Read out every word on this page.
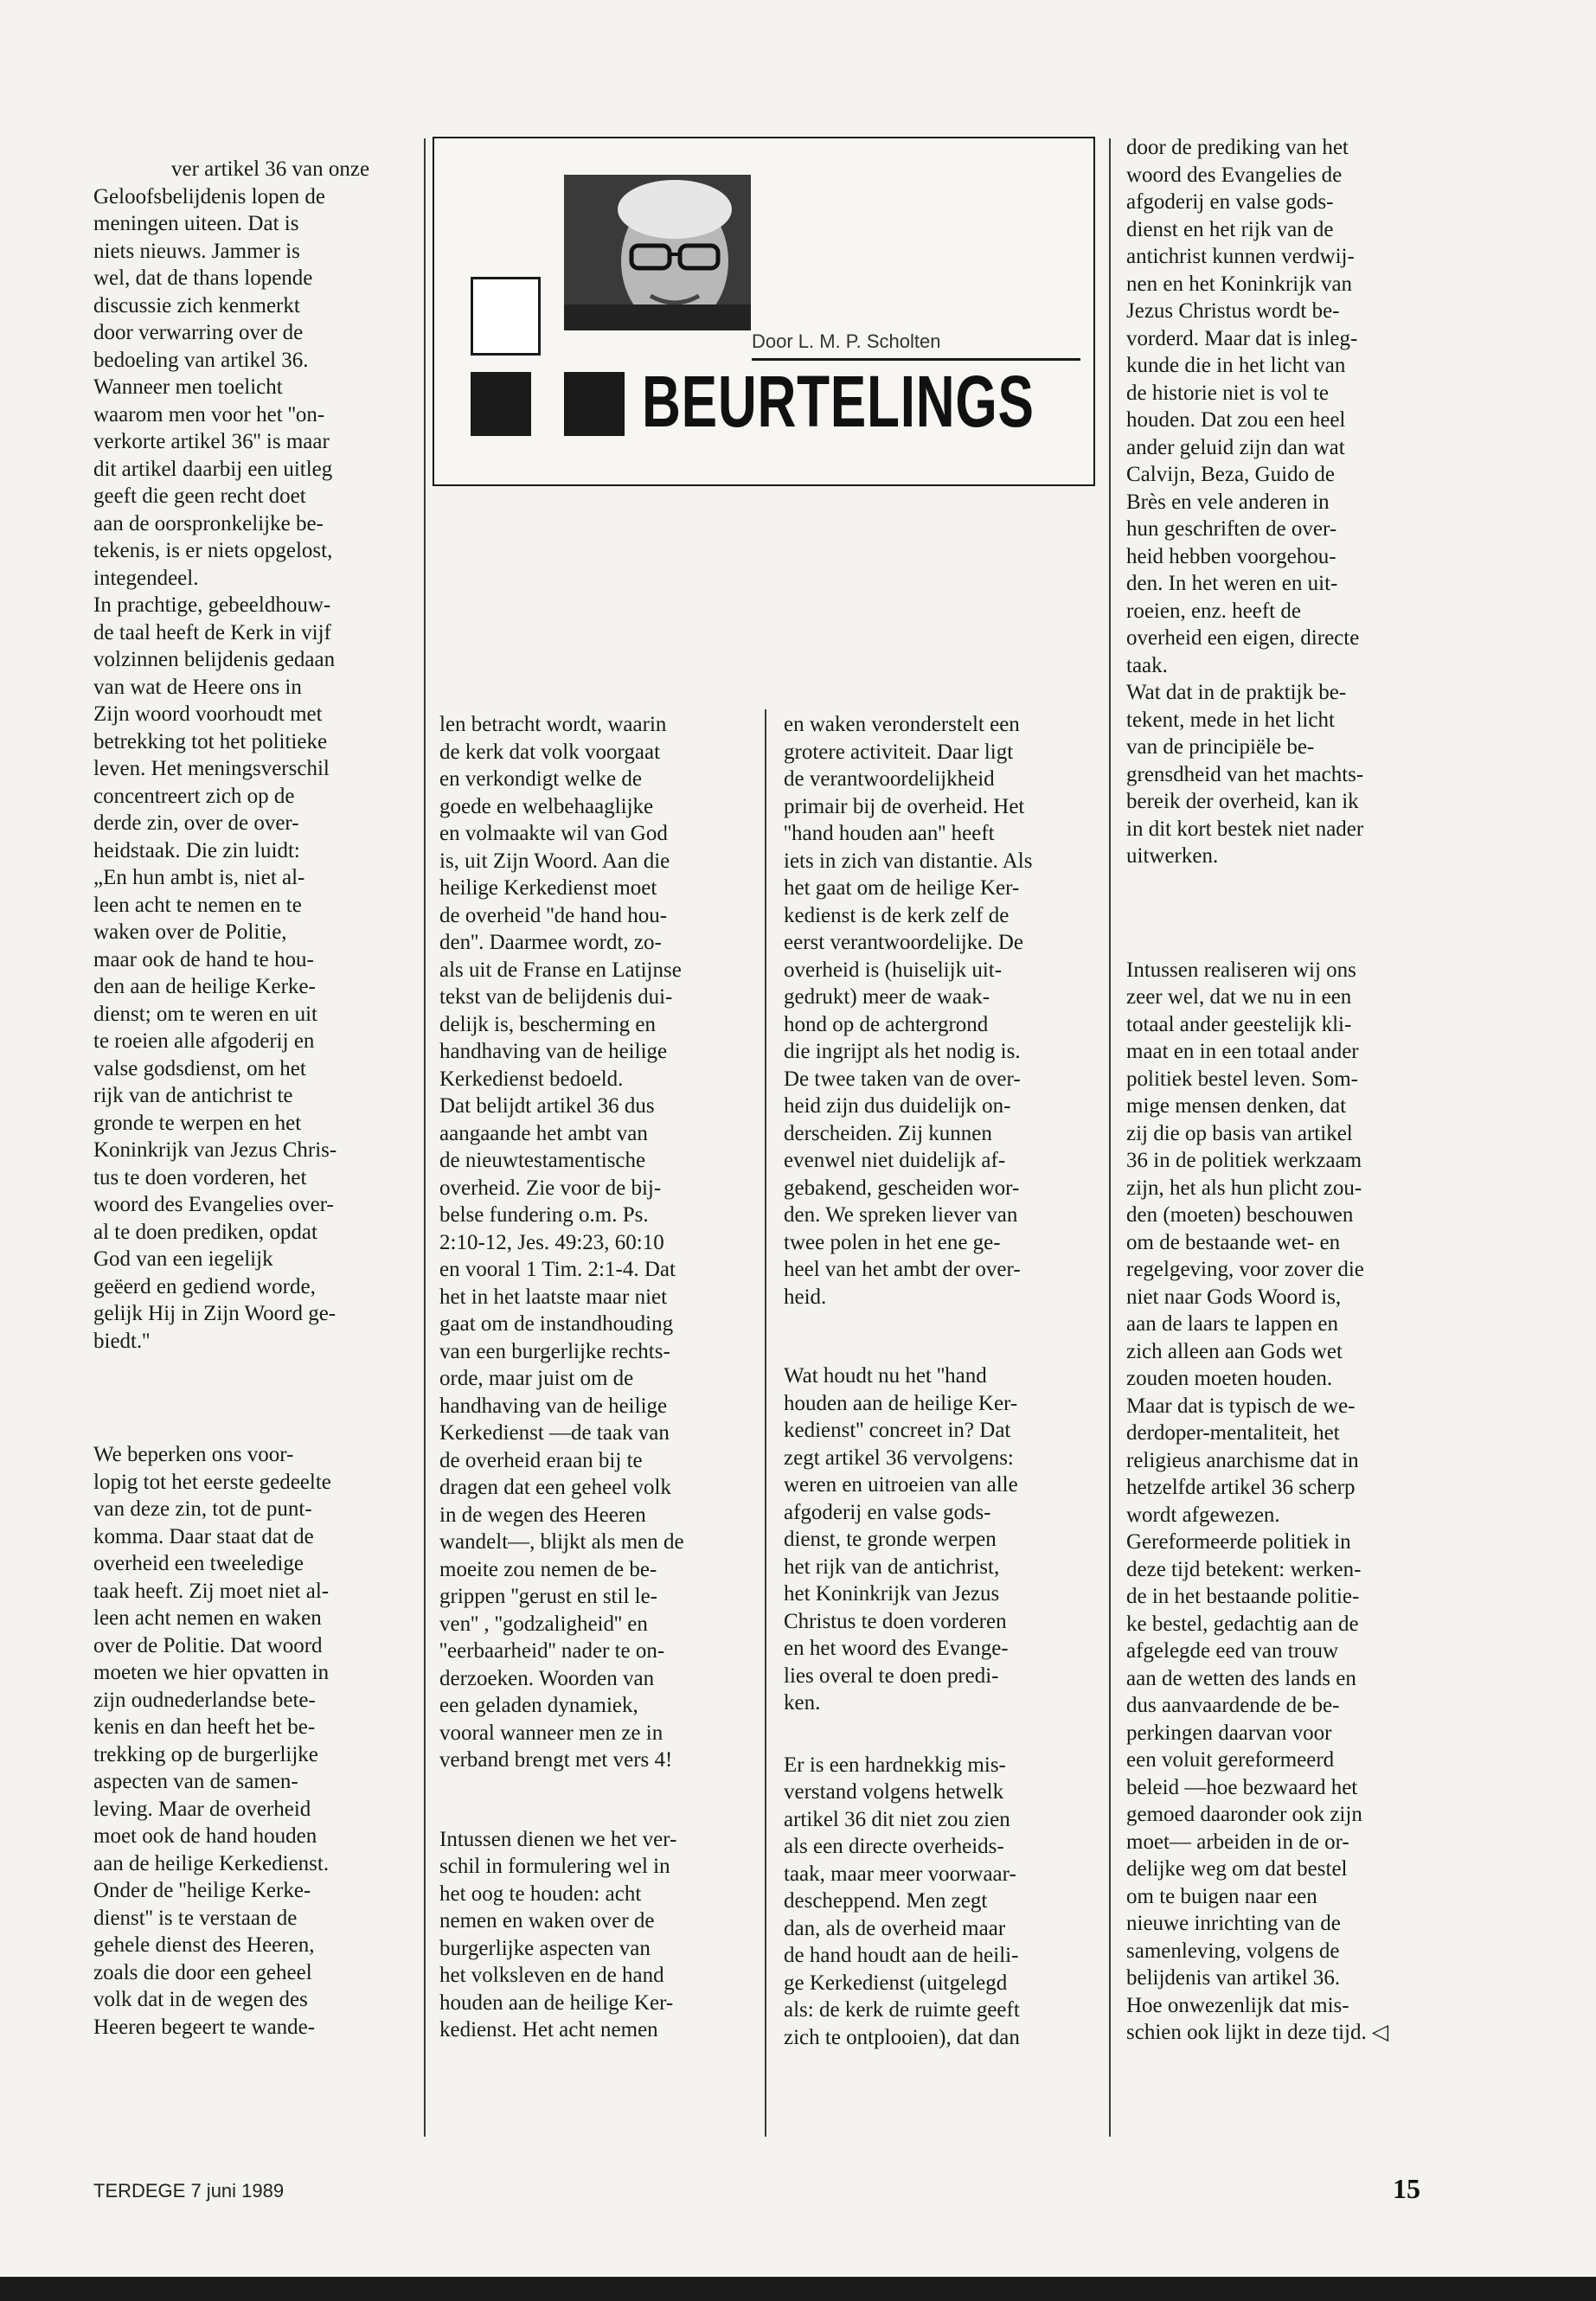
ver artikel 36 van onze
Geloofsbelijdenis lopen de
meningen uiteen. Dat is
niets nieuws. Jammer is
wel, dat de thans lopende
discussie zich kenmerkt
door verwarring over de
bedoeling van artikel 36.
Wanneer men toelicht
waarom men voor het ''on-
verkorte artikel 36'' is maar
dit artikel daarbij een uitleg
geeft die geen recht doet
aan de oorspronkelijke be-
tekenis, is er niets opgelost,
integendeel.
In prachtige, gebeeldhouw-
de taal heeft de Kerk in vijf
volzinnen belijdenis gedaan
van wat de Heere ons in
Zijn woord voorhoudt met
betrekking tot het politieke
leven. Het meningsverschil
concentreert zich op de
derde zin, over de over-
heidstaak. Die zin luidt:
„En hun ambt is, niet al-
leen acht te nemen en te
waken over de Politie,
maar ook de hand te hou-
den aan de heilige Kerke-
dienst; om te weren en uit
te roeien alle afgoderij en
valse godsdienst, om het
rijk van de antichrist te
gronde te werpen en het
Koninkrijk van Jezus Chris-
tus te doen vorderen, het
woord des Evangelies over-
al te doen prediken, opdat
God van een iegelijk
geëerd en gediend worde,
gelijk Hij in Zijn Woord ge-
biedt.''

We beperken ons voor-
lopig tot het eerste gedeelte
van deze zin, tot de punt-
komma. Daar staat dat de
overheid een tweeledige
taak heeft. Zij moet niet al-
leen acht nemen en waken
over de Politie. Dat woord
moeten we hier opvatten in
zijn oudnederlandse bete-
kenis en dan heeft het be-
trekking op de burgerlijke
aspecten van de samen-
leving. Maar de overheid
moet ook de hand houden
aan de heilige Kerkedienst.
Onder de ''heilige Kerke-
dienst'' is te verstaan de
gehele dienst des Heeren,
zoals die door een geheel
volk dat in de wegen des
Heeren begeert te wande-

Door L. M. P. Scholten
BEURTELINGS

len betracht wordt, waarin
de kerk dat volk voorgaat
en verkondigt welke de
goede en welbehaaglijke
en volmaakte wil van God
is, uit Zijn Woord. Aan die
heilige Kerkedienst moet
de overheid ''de hand hou-
den''. Daarmee wordt, zo-
als uit de Franse en Latijnse
tekst van de belijdenis dui-
delijk is, bescherming en
handhaving van de heilige
Kerkedienst bedoeld.
Dat belijdt artikel 36 dus
aangaande het ambt van
de nieuwtestamentische
overheid. Zie voor de bij-
belse fundering o.m. Ps.
2:10-12, Jes. 49:23, 60:10
en vooral 1 Tim. 2:1-4. Dat
het in het laatste maar niet
gaat om de instandhouding
van een burgerlijke rechts-
orde, maar juist om de
handhaving van de heilige
Kerkedienst —de taak van
de overheid eraan bij te
dragen dat een geheel volk
in de wegen des Heeren
wandelt—, blijkt als men de
moeite zou nemen de be-
grippen ''gerust en stil le-
ven'' , ''godzaligheid'' en
''eerbaarheid'' nader te on-
derzoeken. Woorden van
een geladen dynamiek,
vooral wanneer men ze in
verband brengt met vers 4!

Intussen dienen we het ver-
schil in formulering wel in
het oog te houden: acht
nemen en waken over de
burgerlijke aspecten van
het volksleven en de hand
houden aan de heilige Ker-
kedienst. Het acht nemen

en waken veronderstelt een
grotere activiteit. Daar ligt
de verantwoordelijkheid
primair bij de overheid. Het
''hand houden aan'' heeft
iets in zich van distantie. Als
het gaat om de heilige Ker-
kedienst is de kerk zelf de
eerst verantwoordelijke. De
overheid is (huiselijk uit-
gedrukt) meer de waak-
hond op de achtergrond
die ingrijpt als het nodig is.
De twee taken van de over-
heid zijn dus duidelijk on-
derscheiden. Zij kunnen
evenwel niet duidelijk af-
gebakend, gescheiden wor-
den. We spreken liever van
twee polen in het ene ge-
heel van het ambt der over-
heid.

Wat houdt nu het ''hand
houden aan de heilige Ker-
kedienst'' concreet in? Dat
zegt artikel 36 vervolgens:
weren en uitroeien van alle
afgoderij en valse gods-
dienst, te gronde werpen
het rijk van de antichrist,
het Koninkrijk van Jezus
Christus te doen vorderen
en het woord des Evange-
lies overal te doen predi-
ken.

Er is een hardnekkig mis-
verstand volgens hetwelk
artikel 36 dit niet zou zien
als een directe overheids-
taak, maar meer voorwaar-
descheppend. Men zegt
dan, als de overheid maar
de hand houdt aan de heili-
ge Kerkedienst (uitgelegd
als: de kerk de ruimte geeft
zich te ontplooien), dat dan

door de prediking van het
woord des Evangelies de
afgoderij en valse gods-
dienst en het rijk van de
antichrist kunnen verdwij-
nen en het Koninkrijk van
Jezus Christus wordt be-
vorderd. Maar dat is inleg-
kunde die in het licht van
de historie niet is vol te
houden. Dat zou een heel
ander geluid zijn dan wat
Calvijn, Beza, Guido de
Brès en vele anderen in
hun geschriften de over-
heid hebben voorgehou-
den. In het weren en uit-
roeien, enz. heeft de
overheid een eigen, directe
taak.
Wat dat in de praktijk be-
tekent, mede in het licht
van de principiële be-
grensdheid van het machts-
bereik der overheid, kan ik
in dit kort bestek niet nader
uitwerken.

Intussen realiseren wij ons
zeer wel, dat we nu in een
totaal ander geestelijk kli-
maat en in een totaal ander
politiek bestel leven. Som-
mige mensen denken, dat
zij die op basis van artikel
36 in de politiek werkzaam
zijn, het als hun plicht zou-
den (moeten) beschouwen
om de bestaande wet- en
regelgeving, voor zover die
niet naar Gods Woord is,
aan de laars te lappen en
zich alleen aan Gods wet
zouden moeten houden.
Maar dat is typisch de we-
derdoper-mentaliteit, het
religieus anarchisme dat in
hetzelfde artikel 36 scherp
wordt afgewezen.
Gereformeerde politiek in
deze tijd betekent: werken-
de in het bestaande politie-
ke bestel, gedachtig aan de
afgelegde eed van trouw
aan de wetten des lands en
dus aanvaardende de be-
perkingen daarvan voor
een voluit gereformeerd
beleid —hoe bezwaard het
gemoed daaronder ook zijn
moet— arbeiden in de or-
delijke weg om dat bestel
om te buigen naar een
nieuwe inrichting van de
samenleving, volgens de
belijdenis van artikel 36.
Hoe onwezenlijk dat mis-
schien ook lijkt in deze tijd. ◁

TERDEGE 7 juni 1989	15
